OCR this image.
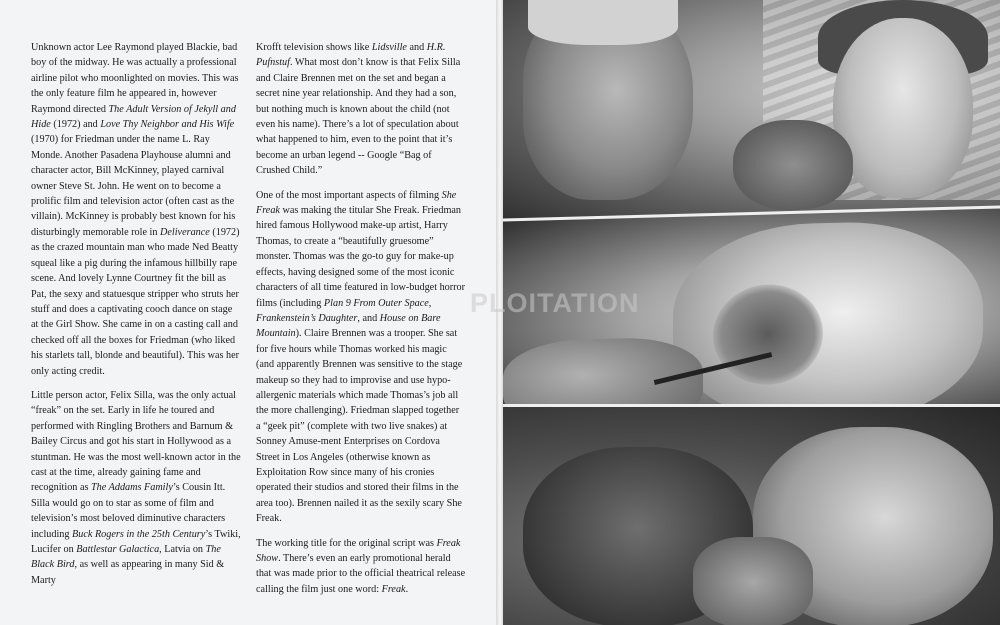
Unknown actor Lee Raymond played Blackie, bad boy of the midway. He was actually a professional airline pilot who moonlighted on movies. This was the only feature film he appeared in, however Raymond directed The Adult Version of Jekyll and Hide (1972) and Love Thy Neighbor and His Wife (1970) for Friedman under the name L. Ray Monde. Another Pasadena Playhouse alumni and character actor, Bill McKinney, played carnival owner Steve St. John. He went on to become a prolific film and television actor (often cast as the villain). McKinney is probably best known for his disturbingly memorable role in Deliverance (1972) as the crazed mountain man who made Ned Beatty squeal like a pig during the infamous hillbilly rape scene. And lovely Lynne Courtney fit the bill as Pat, the sexy and statuesque stripper who struts her stuff and does a captivating cooch dance on stage at the Girl Show. She came in on a casting call and checked off all the boxes for Friedman (who liked his starlets tall, blonde and beautiful). This was her only acting credit.

Little person actor, Felix Silla, was the only actual “freak” on the set. Early in life he toured and performed with Ringling Brothers and Barnum & Bailey Circus and got his start in Hollywood as a stuntman. He was the most well-known actor in the cast at the time, already gaining fame and recognition as The Addams Family’s Cousin Itt. Silla would go on to star as some of film and television’s most beloved diminutive characters including Buck Rogers in the 25th Century’s Twiki, Lucifer on Battlestar Galactica, Latvia on The Black Bird, as well as appearing in many Sid & Marty

Krofft television shows like Lidsville and H.R. Pufnstuf. What most don’t know is that Felix Silla and Claire Brennen met on the set and began a secret nine year relationship. And they had a son, but nothing much is known about the child (not even his name). There’s a lot of speculation about what happened to him, even to the point that it’s become an urban legend -- Google “Bag of Crushed Child.”

One of the most important aspects of filming She Freak was making the titular She Freak. Friedman hired famous Hollywood make-up artist, Harry Thomas, to create a “beautifully gruesome” monster. Thomas was the go-to guy for make-up effects, having designed some of the most iconic characters of all time featured in low-budget horror films (including Plan 9 From Outer Space, Frankenstein’s Daughter, and House on Bare Mountain). Claire Brennen was a trooper. She sat for five hours while Thomas worked his magic (and apparently Brennen was sensitive to the stage makeup so they had to improvise and use hypo-allergenic materials which made Thomas’s job all the more challenging). Friedman slapped together a “geek pit” (complete with two live snakes) at Sonney Amuse-ment Enterprises on Cordova Street in Los Angeles (otherwise known as Exploitation Row since many of his cronies operated their studios and stored their films in the area too). Brennen nailed it as the sexily scary She Freak.

The working title for the original script was Freak Show. There’s even an early promotional herald that was made prior to the official theatrical release calling the film just one word: Freak.

PLOITATION
